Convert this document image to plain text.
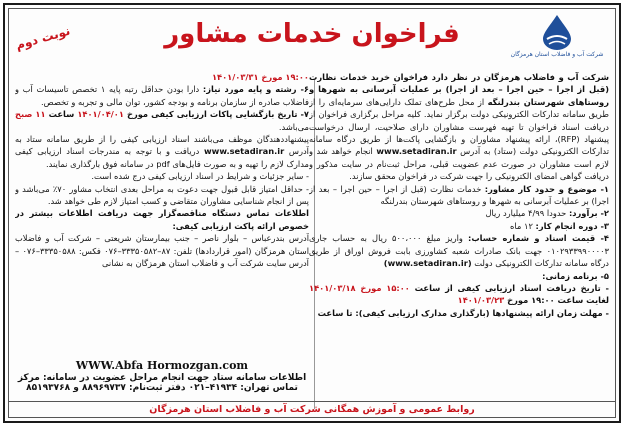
نوبت دوم	فراخوان خدمات مشاور
شرکت آب و فاضلاب استان هرمزگان

شرکت آب و فاضلاب هرمزگان در نظر دارد فراخوان خرید خدمات نظارت (قبل از اجرا – حین اجرا – بعد از اجرا) بر عملیات آبرسانی به شهرها و روستاهای شهرستان بندرلنگه از محل طرح‌های تملک دارایی‌های سرمایه‌ای را از طریق سامانه تدارکات الکترونیکی دولت برگزار نماید. کلیه مراحل برگزاری فراخوان از دریافت اسناد فراخوان تا تهیه فهرست مشاوران دارای صلاحیت، ارسال درخواست پیشنهاد (RFP)، ارائه پیشنهاد مشاوران و بازگشایی پاکت‌ها از طریق درگاه سامانه تدارکات الکترونیکی دولت (ستاد) به آدرس www.setadiran.ir انجام خواهد شد و لازم است مشاوران در صورت عدم عضویت قبلی، مراحل ثبت‌نام در سایت مذکور و دریافت گواهی امضای الکترونیکی را جهت شرکت در فراخوان محقق سازند.

۱- موضوع و حدود کار مشاور: خدمات نظارت (قبل از اجرا – حین اجرا – بعد از اجرا) بر عملیات آبرسانی به شهرها و روستاهای شهرستان بندرلنگه

۲- برآورد: حدودا ۴/۹۹ میلیارد ریال

۳- دوره انجام کار: ۱۲ ماه

۴- قیمت اسناد و شماره حساب: واریز مبلغ ۵۰۰،۰۰۰ ریال به حساب جاری ۰۱۰۲۹۳۳۹۹۰۰۰۰۳ جهت بانک صادرات شعبه کشاورزی بابت فروش اوراق از طریق درگاه سامانه تدارکات الکترونیکی دولت (www.setadiran.ir)

۵- برنامه زمانی:

- تاریخ دریافت اسناد ارزیابی کیفی از ساعت ۱۵:۰۰ مورخ ۱۴۰۱/۰۳/۱۸ لغایت ساعت ۱۹:۰۰ مورخ ۱۴۰۱/۰۳/۲۳

- مهلت زمان ارائه پیشنهادها (بارگذاری مدارک ارزیابی کیفی): تا ساعت

۱۹:۰۰ مورخ ۱۴۰۱/۰۳/۳۱

۶- رشته و پایه مورد نیاز: دارا بودن حداقل رتبه پایه ۱ تخصص تاسیسات آب و فاضلاب صادره از سازمان برنامه و بودجه کشور، توان مالی و تجربه و تخصص.

۷- تاریخ بازگشایی پاکات ارزیابی کیفی مورخ ۱۴۰۱/۰۴/۰۱ ساعت ۱۱ صبح می‌باشد.

پیشنهاددهندگان موظف می‌باشند اسناد ارزیابی کیفی را از طریق سامانه ستاد به آدرس www.setadiran.ir دریافت و با توجه به مندرجات اسناد ارزیابی کیفی مدارک لازم را تهیه و به صورت فایل‌های pdf در سامانه فوق بارگذاری نمایند.

- سایر جزئیات و شرایط در اسناد ارزیابی کیفی درج شده است.

- حداقل امتیاز قابل قبول جهت دعوت به مراحل بعدی انتخاب مشاور ۷۰٪ می‌باشد و پس از انجام شناسایی مشاوران متقاضی و کسب امتیاز لازم طی خواهد شد.

اطلاعات تماس دستگاه مناقصه‌گزار جهت دریافت اطلاعات بیشتر در خصوص ارائه پاکت ارزیابی کیفی:

آدرس بندرعباس – بلوار ناصر – جنب بیمارستان شریعتی – شرکت آب و فاضلاب استان هرمزگان (امور قراردادها) تلفن: ۸۷–۳۳۳۵۰۵۸۲–۰۷۶ فکس: ۳۳۳۵۰۵۸۸–۰۷۶ – آدرس سایت شرکت آب و فاضلاب استان هرمزگان به نشانی

WWW.Abfa Hormozgan.com
اطلاعات سامانه ستاد جهت انجام مراحل عضویت در سامانه: مرکز تماس تهران: ۴۱۹۳۴–۰۲۱ دفتر ثبت‌نام: ۸۸۹۶۹۷۳۷ و ۸۵۱۹۳۷۶۸
روابط عمومی و آموزش همگانی شرکت آب و فاضلاب استان هرمزگان
